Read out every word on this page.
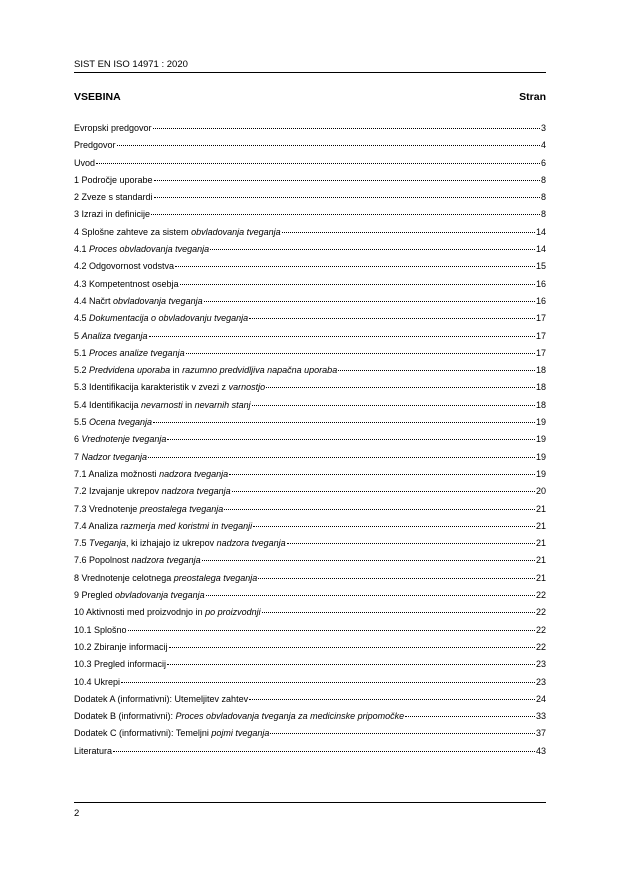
SIST EN ISO 14971 : 2020
VSEBINA	Stran
Evropski predgovor	3
Predgovor	4
Uvod	6
1 Področje uporabe	8
2 Zveze s standardi	8
3 Izrazi in definicije	8
4 Splošne zahteve za sistem obvladovanja tveganja	14
4.1 Proces obvladovanja tveganja	14
4.2 Odgovornost vodstva	15
4.3 Kompetentnost osebja	16
4.4 Načrt obvladovanja tveganja	16
4.5 Dokumentacija o obvladovanju tveganja	17
5 Analiza tveganja	17
5.1 Proces analize tveganja	17
5.2 Predvidena uporaba in razumno predvidljiva napačna uporaba	18
5.3 Identifikacija karakteristik v zvezi z varnostjo	18
5.4 Identifikacija nevarnosti in nevarnih stanj	18
5.5 Ocena tveganja	19
6 Vrednotenje tveganja	19
7 Nadzor tveganja	19
7.1 Analiza možnosti nadzora tveganja	19
7.2 Izvajanje ukrepov nadzora tveganja	20
7.3 Vrednotenje preostalega tveganja	21
7.4 Analiza razmerja med koristmi in tveganji	21
7.5 Tveganja, ki izhajajo iz ukrepov nadzora tveganja	21
7.6 Popolnost nadzora tveganja	21
8 Vrednotenje celotnega preostalega tveganja	21
9 Pregled obvladovanja tveganja	22
10 Aktivnosti med proizvodnjo in po proizvodnji	22
10.1 Splošno	22
10.2 Zbiranje informacij	22
10.3 Pregled informacij	23
10.4 Ukrepi	23
Dodatek A (informativni): Utemeljitev zahtev	24
Dodatek B (informativni): Proces obvladovanja tveganja za medicinske pripomočke	33
Dodatek C (informativni): Temeljni pojmi tveganja	37
Literatura	43
2
